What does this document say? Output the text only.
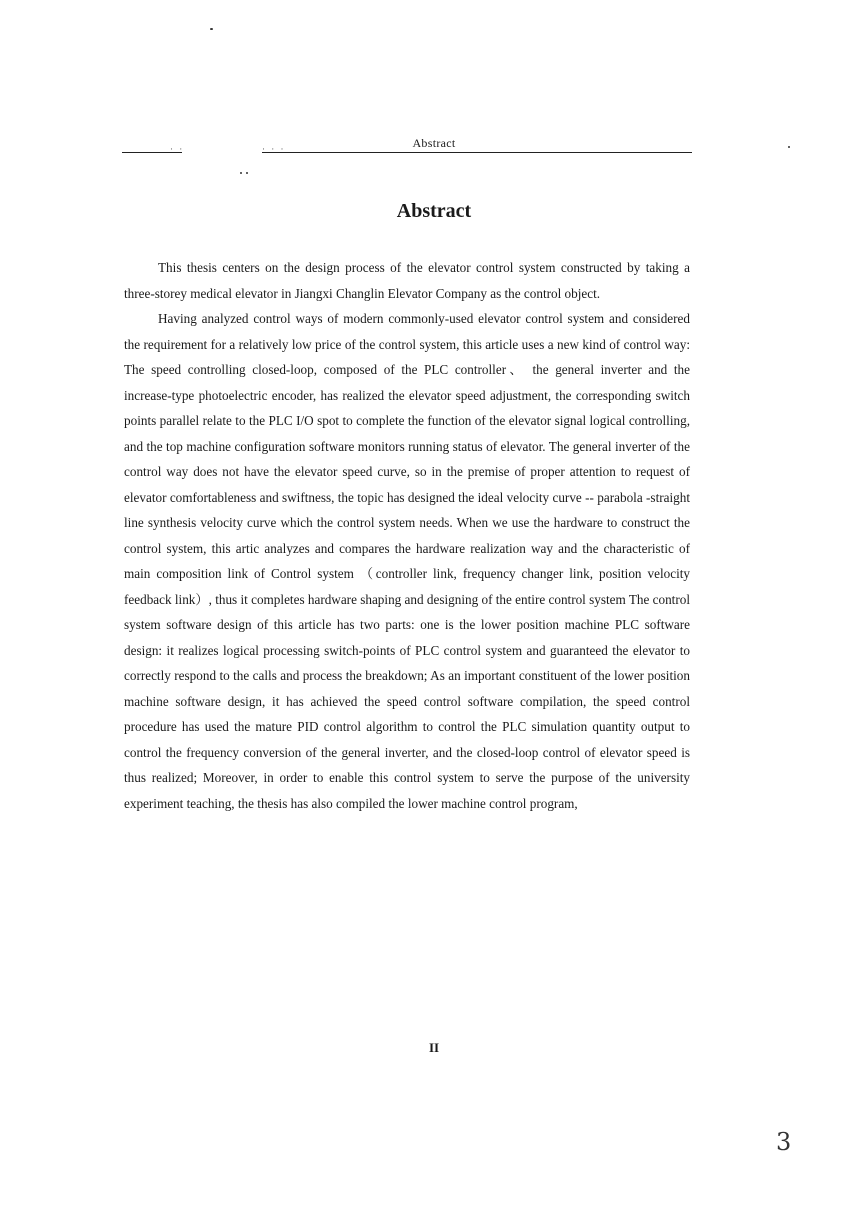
Abstract
· ·	· · ·
Abstract

This thesis centers on the design process of the elevator control system constructed by taking a three-storey medical elevator in Jiangxi Changlin Elevator Company as the control object.

Having analyzed control ways of modern commonly-used elevator control system and considered the requirement for a relatively low price of the control system, this article uses a new kind of control way: The speed controlling closed-loop, composed of the PLC controller、 the general inverter and the increase-type photoelectric encoder, has realized the elevator speed adjustment, the corresponding switch points parallel relate to the PLC I/O spot to complete the function of the elevator signal logical controlling, and the top machine configuration software monitors running status of elevator. The general inverter of the control way does not have the elevator speed curve, so in the premise of proper attention to request of elevator comfortableness and swiftness, the topic has designed the ideal velocity curve -- parabola -straight line synthesis velocity curve which the control system needs. When we use the hardware to construct the control system, this artic analyzes and compares the hardware realization way and the characteristic of main composition link of Control system （controller link, frequency changer link, position velocity feedback link）, thus it completes hardware shaping and designing of the entire control system The control system software design of this article has two parts: one is the lower position machine PLC software design: it realizes logical processing switch-points of PLC control system and guaranteed the elevator to correctly respond to the calls and process the breakdown; As an important constituent of the lower position machine software design, it has achieved the speed control software compilation, the speed control procedure has used the mature PID control algorithm to control the PLC simulation quantity output to control the frequency conversion of the general inverter, and the closed-loop control of elevator speed is thus realized; Moreover, in order to enable this control system to serve the purpose of the university experiment teaching, the thesis has also compiled the lower machine control program,

II
3
